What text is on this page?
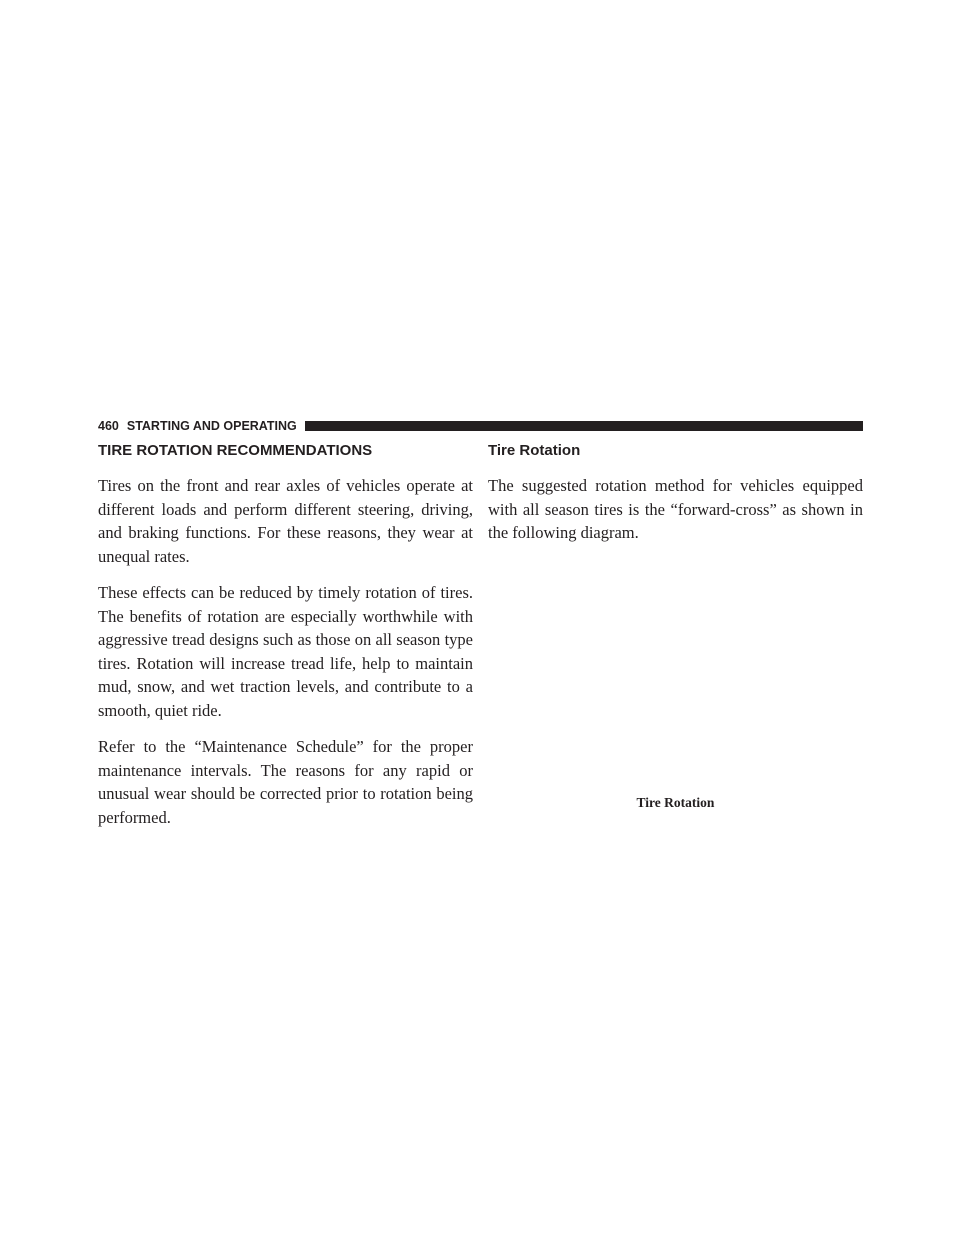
460 STARTING AND OPERATING
TIRE ROTATION RECOMMENDATIONS

Tires on the front and rear axles of vehicles operate at different loads and perform different steering, driving, and braking functions. For these reasons, they wear at unequal rates.

These effects can be reduced by timely rotation of tires. The benefits of rotation are especially worthwhile with aggressive tread designs such as those on all season type tires. Rotation will increase tread life, help to maintain mud, snow, and wet traction levels, and contribute to a smooth, quiet ride.

Refer to the “Maintenance Schedule” for the proper maintenance intervals. The reasons for any rapid or unusual wear should be corrected prior to rotation being performed.

Tire Rotation

The suggested rotation method for vehicles equipped with all season tires is the “forward-cross” as shown in the following diagram.

Tire Rotation
